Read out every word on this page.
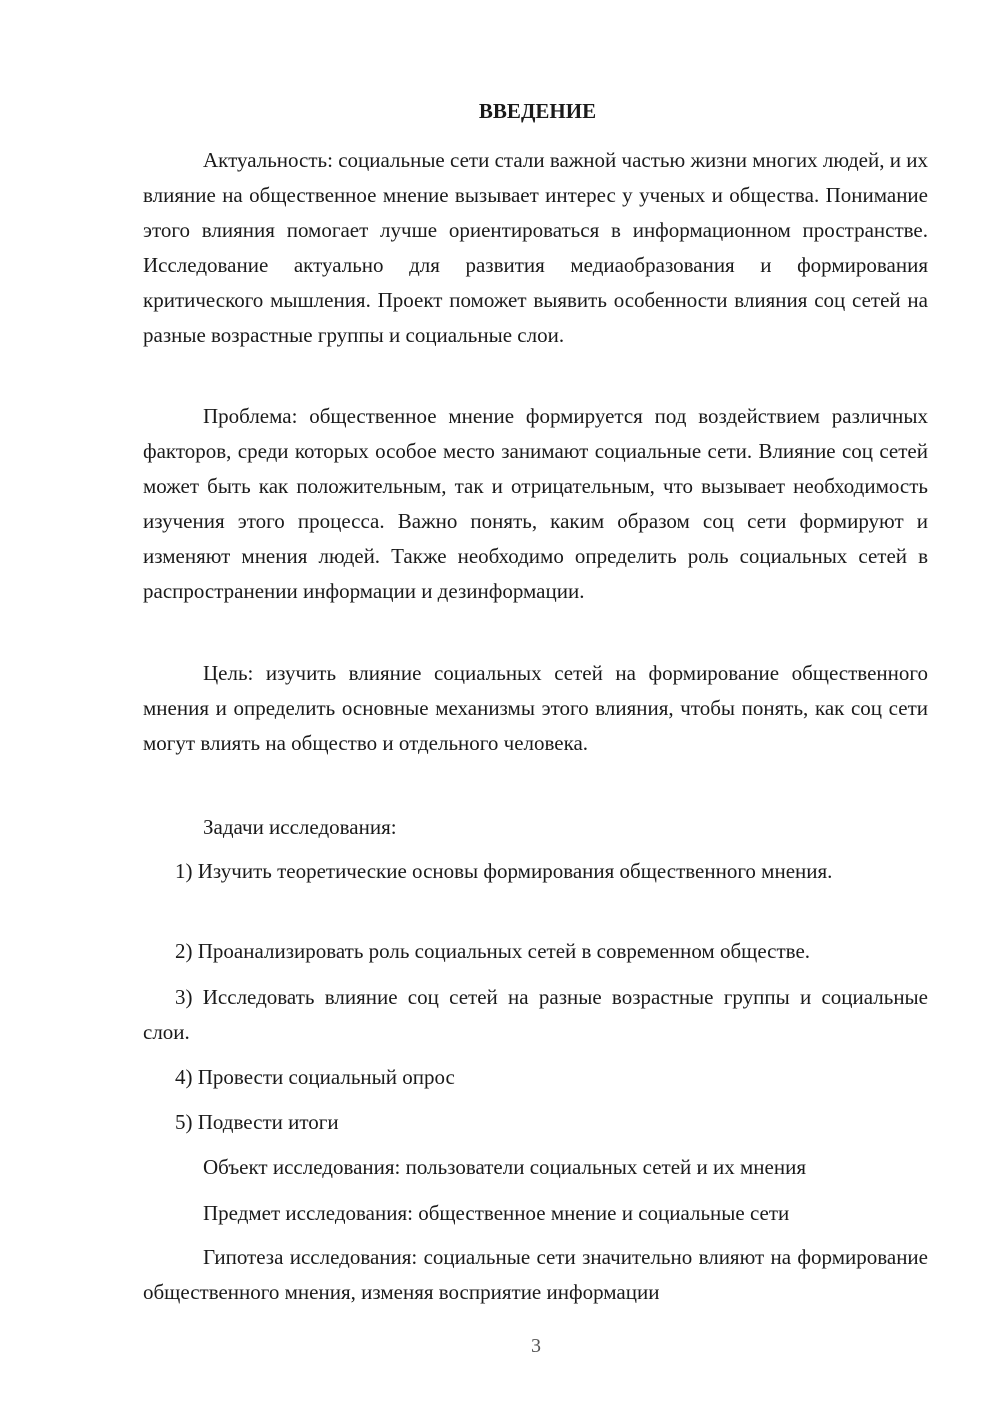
ВВЕДЕНИЕ

Актуальность: социальные сети стали важной частью жизни многих людей, и их влияние на общественное мнение вызывает интерес у ученых и общества. Понимание этого влияния помогает лучше ориентироваться в информационном пространстве. Исследование актуально для развития медиаобразования и формирования критического мышления. Проект поможет выявить особенности влияния соц сетей на разные возрастные группы и социальные слои.

Проблема: общественное мнение формируется под воздействием различных факторов, среди которых особое место занимают социальные сети. Влияние соц сетей может быть как положительным, так и отрицательным, что вызывает необходимость изучения этого процесса. Важно понять, каким образом соц сети формируют и изменяют мнения людей. Также необходимо определить роль социальных сетей в распространении информации и дезинформации.

Цель: изучить влияние социальных сетей на формирование общественного мнения и определить основные механизмы этого влияния, чтобы понять, как соц сети могут влиять на общество и отдельного человека.

Задачи исследования:

1) Изучить теоретические основы формирования общественного мнения.

2) Проанализировать роль социальных сетей в современном обществе.

3) Исследовать влияние соц сетей на разные возрастные группы и социальные слои.

4) Провести социальный опрос

5) Подвести итоги

Объект исследования: пользователи социальных сетей и их мнения

Предмет исследования: общественное мнение и социальные сети

Гипотеза исследования: социальные сети значительно влияют на формирование общественного мнения, изменяя восприятие информации

3
